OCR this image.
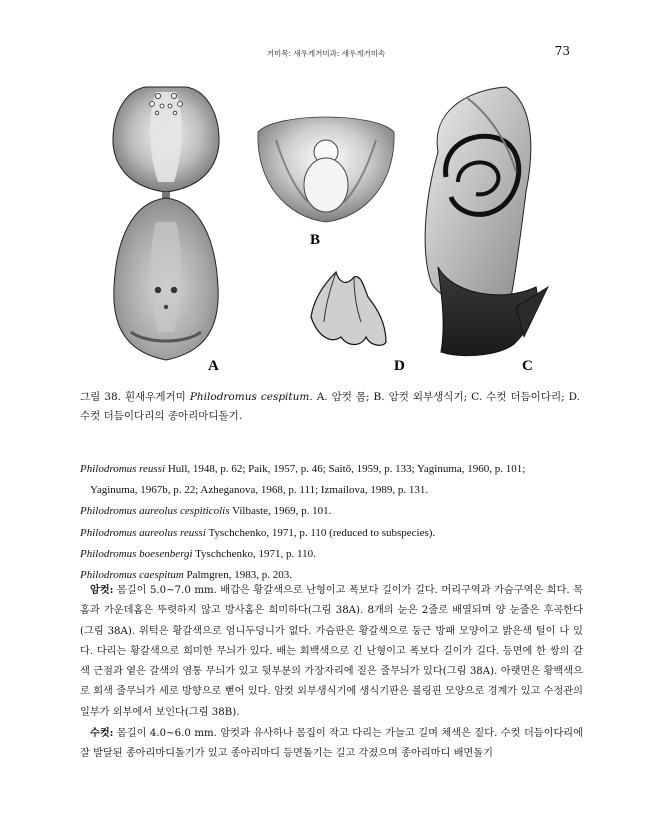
거미목: 새우게거미과: 새우게거미속	73
A
B
C
D
그림 38. 흰새우게거미 Philodromus cespitum. A. 암컷 몸; B. 암컷 외부생식기; C. 수컷 더듬이다리; D. 수컷 더듬이다리의 종아리마디돌기.
Philodromus reussi Hull, 1948, p. 62; Paik, 1957, p. 46; Saitō, 1959, p. 133; Yaginuma, 1960, p. 101;
Yaginuma, 1967b, p. 22; Azheganova, 1968, p. 111; Izmailova, 1989, p. 131.
Philodromus aureolus cespiticolis Vilbaste, 1969, p. 101.
Philodromus aureolus reussi Tyschchenko, 1971, p. 110 (reduced to subspecies).
Philodromus boesenbergi Tyschchenko, 1971, p. 110.
Philodromus caespitum Palmgren, 1983, p. 203.

암컷: 몸길이 5.0~7.0 mm. 배갑은 황갈색으로 난형이고 폭보다 길이가 길다. 머리구역과 가슴구역은 희다. 목홈과 가운데홈은 뚜렷하지 않고 방사홈은 희미하다(그림 38A). 8개의 눈은 2줄로 배열되며 양 눈줄은 후곡한다(그림 38A). 위턱은 황갈색으로 엄니두덩니가 없다. 가슴판은 황갈색으로 둥근 방패 모양이고 밝은색 털이 나 있다. 다리는 황갈색으로 희미한 무늬가 있다. 배는 회백색으로 긴 난형이고 폭보다 길이가 길다. 등면에 한 쌍의 갈색 근점과 옅은 갈색의 염통 무늬가 있고 뒷부분의 가장자리에 짙은 줄무늬가 있다(그림 38A). 아랫면은 황백색으로 회색 줄무늬가 세로 방향으로 뻗어 있다. 암컷 외부생식기에 생식기판은 볼링핀 모양으로 경계가 있고 수정관의 일부가 외부에서 보인다(그림 38B).

수컷: 몸길이 4.0~6.0 mm. 암컷과 유사하나 몸집이 작고 다리는 가늘고 길며 체색은 짙다. 수컷 더듬이다리에 잘 발달된 종아리마디돌기가 있고 종아리마디 등면돌기는 길고 각졌으며 종아리마디 배면돌기
